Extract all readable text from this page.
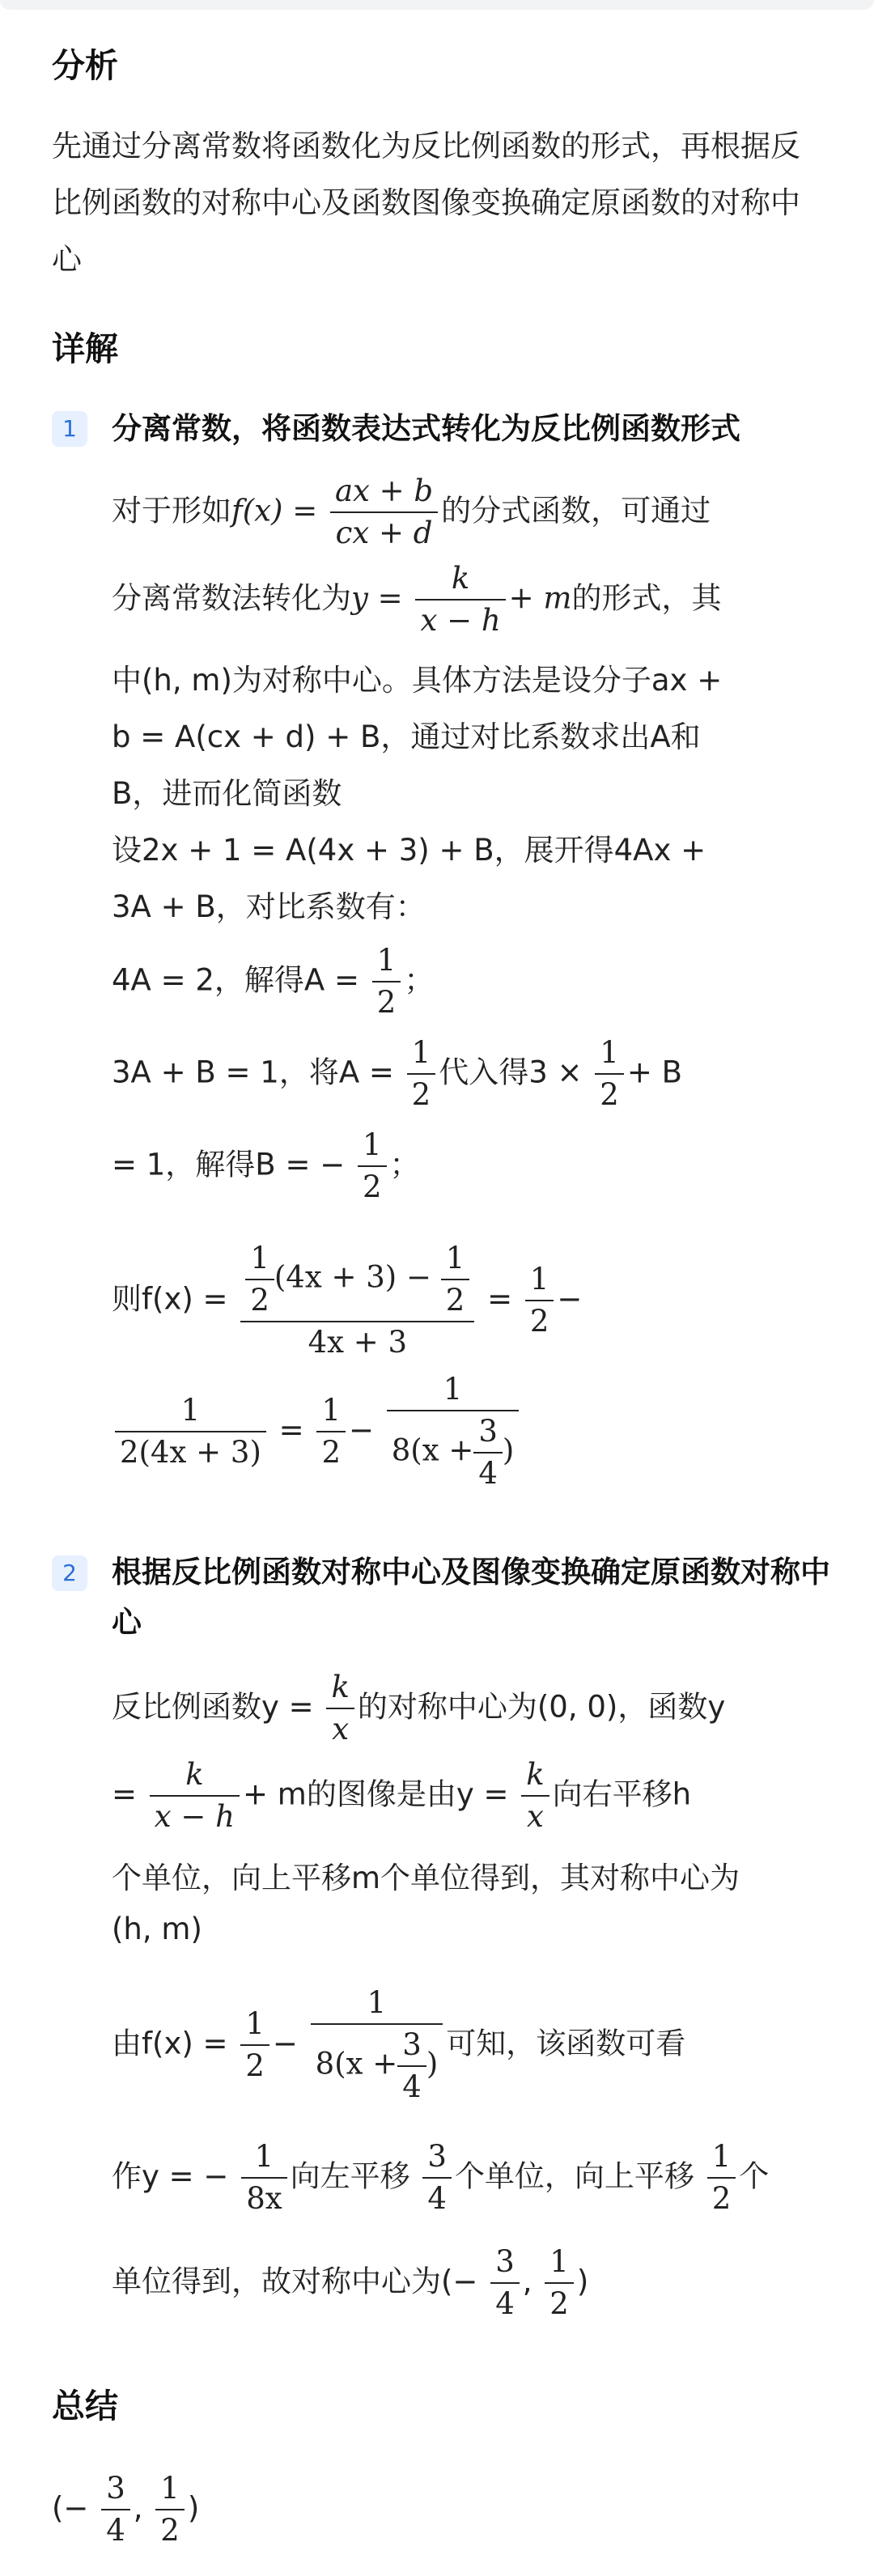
分析
先通过分离常数将函数化为反比例函数的形式，再根据反比例函数的对称中心及函数图像变换确定原函数的对称中心
详解
1	分离常数，将函数表达式转化为反比例函数形式
对于形如$f(x) = \frac{ax + b}{cx + d}$ 的分式函数，可通过
分离常数法转化为$y = \frac{k}{x - h} + m$的形式，其
中(h, m)为对称中心。具体方法是设分子ax +
b = A(cx + d) + B，通过对比系数求出A和
B，进而化简函数
设2x + 1 = A(4x + 3) + B，展开得4Ax +
3A + B，对比系数有：
4A = 2，解得$A = \frac{1}{2}$ ；
3A + B = 1，将$A = \frac{1}{2}$ 代入得$3 \times \frac{1}{2} + B$
= 1，解得B = − $\frac{1}{2}$ ；
则$f(x) = \frac{\frac{1}{2} (4x + 3) - \frac{1}{2}}{4x + 3} = \frac{1}{2}$ −
$\frac{1}{2(4x + 3)} = \frac{1}{2} - \frac{1}{8(x + \frac{3}{4} )}$
2	根据反比例函数对称中心及图像变换确定原函数对称中心
反比例函数$y = \frac{k}{x}$ 的对称中心为(0, 0)，函数y
= $\frac{k}{x - h} + m$的图像是由$y = \frac{k}{x}$ 向右平移h
个单位，向上平移m个单位得到，其对称中心为
(h, m)
由$f(x) = \frac{1}{2} - \frac{1}{8(x + \frac{3}{4} )}$ 可知，该函数可看
作y = − $\frac{1}{8x}$ 向左平移 $\frac{3}{4}$ 个单位，向上平移 $\frac{1}{2}$ 个
单位得到，故对称中心为(− $\frac{3}{4}$ , $\frac{1}{2}$ )
总结
(− $\frac{3}{4}$ , $\frac{1}{2}$ )
